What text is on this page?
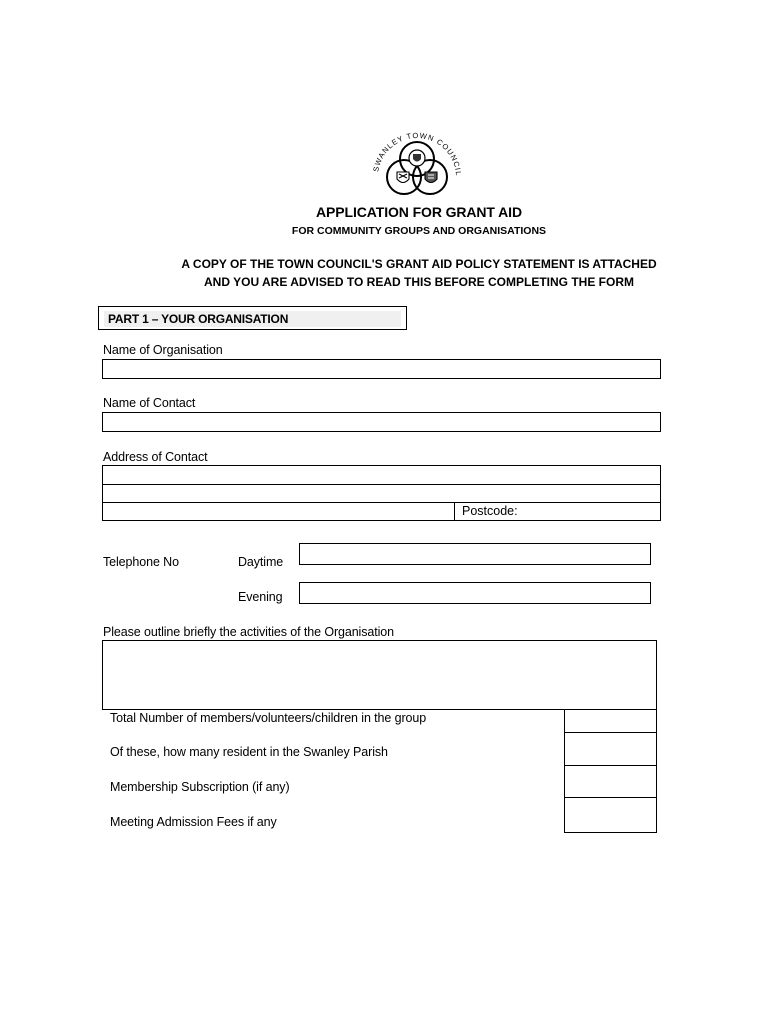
SWANLEY TOWN COUNCIL
APPLICATION FOR GRANT AID
FOR COMMUNITY GROUPS AND ORGANISATIONS
A COPY OF THE TOWN COUNCIL'S GRANT AID POLICY STATEMENT IS ATTACHED
AND YOU ARE ADVISED TO READ THIS BEFORE COMPLETING THE FORM
PART 1 – YOUR ORGANISATION
Name of Organisation
Name of Contact
Address of Contact
Postcode:
Telephone No	Daytime
Evening
Please outline briefly the activities of the Organisation
Total Number of members/volunteers/children in the group
Of these, how many resident in the Swanley Parish
Membership Subscription (if any)
Meeting Admission Fees if any
